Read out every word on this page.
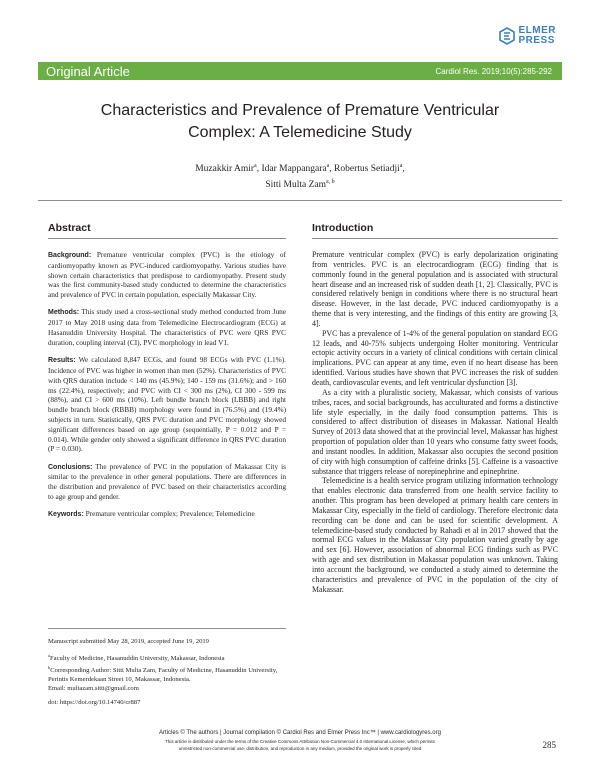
ELMER
PRESS
Original Article	Cardiol Res. 2019;10(5):285-292
Characteristics and Prevalence of Premature Ventricular
Complex: A Telemedicine Study
Muzakkir Amir$^a$, Idar Mappangara$^a$, Robertus Setiadji$^a$,
Sitti Multa Zam$^{a, b}$
Abstract

Background: Premature ventricular complex (PVC) is the etiology of cardiomyopathy known as PVC-induced cardiomyopathy. Various studies have shown certain characteristics that predispose to cardiomyopathy. Present study was the first community-based study conducted to determine the characteristics and prevalence of PVC in certain population, especially Makassar City.

Methods: This study used a cross-sectional study method conducted from June 2017 to May 2018 using data from Telemedicine Electrocardiogram (ECG) at Hasanuddin University Hospital. The characteristics of PVC were QRS PVC duration, coupling interval (CI), PVC morphology in lead V1.

Results: We calculated 8,847 ECGs, and found 98 ECGs with PVC (1.1%). Incidence of PVC was higher in women than men (52%). Characteristics of PVC with QRS duration include < 140 ms (45.9%); 140 - 159 ms (31.6%); and > 160 ms (22.4%), respectively; and PVC with CI < 300 ms (2%), CI 300 - 599 ms (88%), and CI > 600 ms (10%). Left bundle branch block (LBBB) and right bundle branch block (RBBB) morphology were found in (76.5%) and (19.4%) subjects in turn. Statistically, QRS PVC duration and PVC morphology showed significant differences based on age group (sequentially, P = 0.012 and P = 0.014). While gender only showed a significant difference in QRS PVC duration (P = 0.030).

Conclusions: The prevalence of PVC in the population of Makassar City is similar to the prevalence in other general populations. There are differences in the distribution and prevalence of PVC based on their characteristics according to age group and gender.

Keywords: Premature ventricular complex; Prevalence; Telemedicine

Manuscript submitted May 28, 2019, accepted June 19, 2019

$^a$Faculty of Medicine, Hasanuddin University, Makassar, Indonesia
$^b$Corresponding Author: Sitti Multa Zam, Faculty of Medicine, Hasanuddin University, Perintis Kemerdekaan Street 10, Makassar, Indonesia.

Email: multazam.sitti@gmail.com

doi: https://doi.org/10.14740/cr887

Introduction

Premature ventricular complex (PVC) is early depolarization originating from ventricles. PVC is an electrocardiogram (ECG) finding that is commonly found in the general population and is associated with structural heart disease and an increased risk of sudden death [1, 2]. Classically, PVC is considered relatively benign in conditions where there is no structural heart disease. However, in the last decade, PVC induced cardiomyopathy is a theme that is very interesting, and the findings of this entity are growing [3, 4].

PVC has a prevalence of 1-4% of the general population on standard ECG 12 leads, and 40-75% subjects undergoing Holter monitoring. Ventricular ectopic activity occurs in a variety of clinical conditions with certain clinical implications. PVC can appear at any time, even if no heart disease has been identified. Various studies have shown that PVC increases the risk of sudden death, cardiovascular events, and left ventricular dysfunction [3].

As a city with a pluralistic society, Makassar, which consists of various tribes, races, and social backgrounds, has acculturated and forms a distinctive life style especially, in the daily food consumption patterns. This is considered to affect distribution of diseases in Makassar. National Health Survey of 2013 data showed that at the provincial level, Makassar has highest proportion of population older than 10 years who consume fatty sweet foods, and instant noodles. In addition, Makassar also occupies the second position of city with high consumption of caffeine drinks [5]. Caffeine is a vasoactive substance that triggers release of norepinephrine and epinephrine.

Telemedicine is a health service program utilizing information technology that enables electronic data transferred from one health service facility to another. This program has been developed at primary health care centers in Makassar City, especially in the field of cardiology. Therefore electronic data recording can be done and can be used for scientific development. A telemedicine-based study conducted by Rahadi et al in 2017 showed that the normal ECG values in the Makassar City population varied greatly by age and sex [6]. However, association of abnormal ECG findings such as PVC with age and sex distribution in Makassar population was unknown. Taking into account the background, we conducted a study aimed to determine the characteristics and prevalence of PVC in the population of the city of Makassar.

Articles © The authors | Journal compilation © Cardiol Res and Elmer Press Inc™ | www.cardiologyres.org
This article is distributed under the terms of the Creative Commons Attribution Non-Commercial 4.0 International License, which permits
unrestricted non-commercial use, distribution, and reproduction in any medium, provided the original work is properly cited	285
